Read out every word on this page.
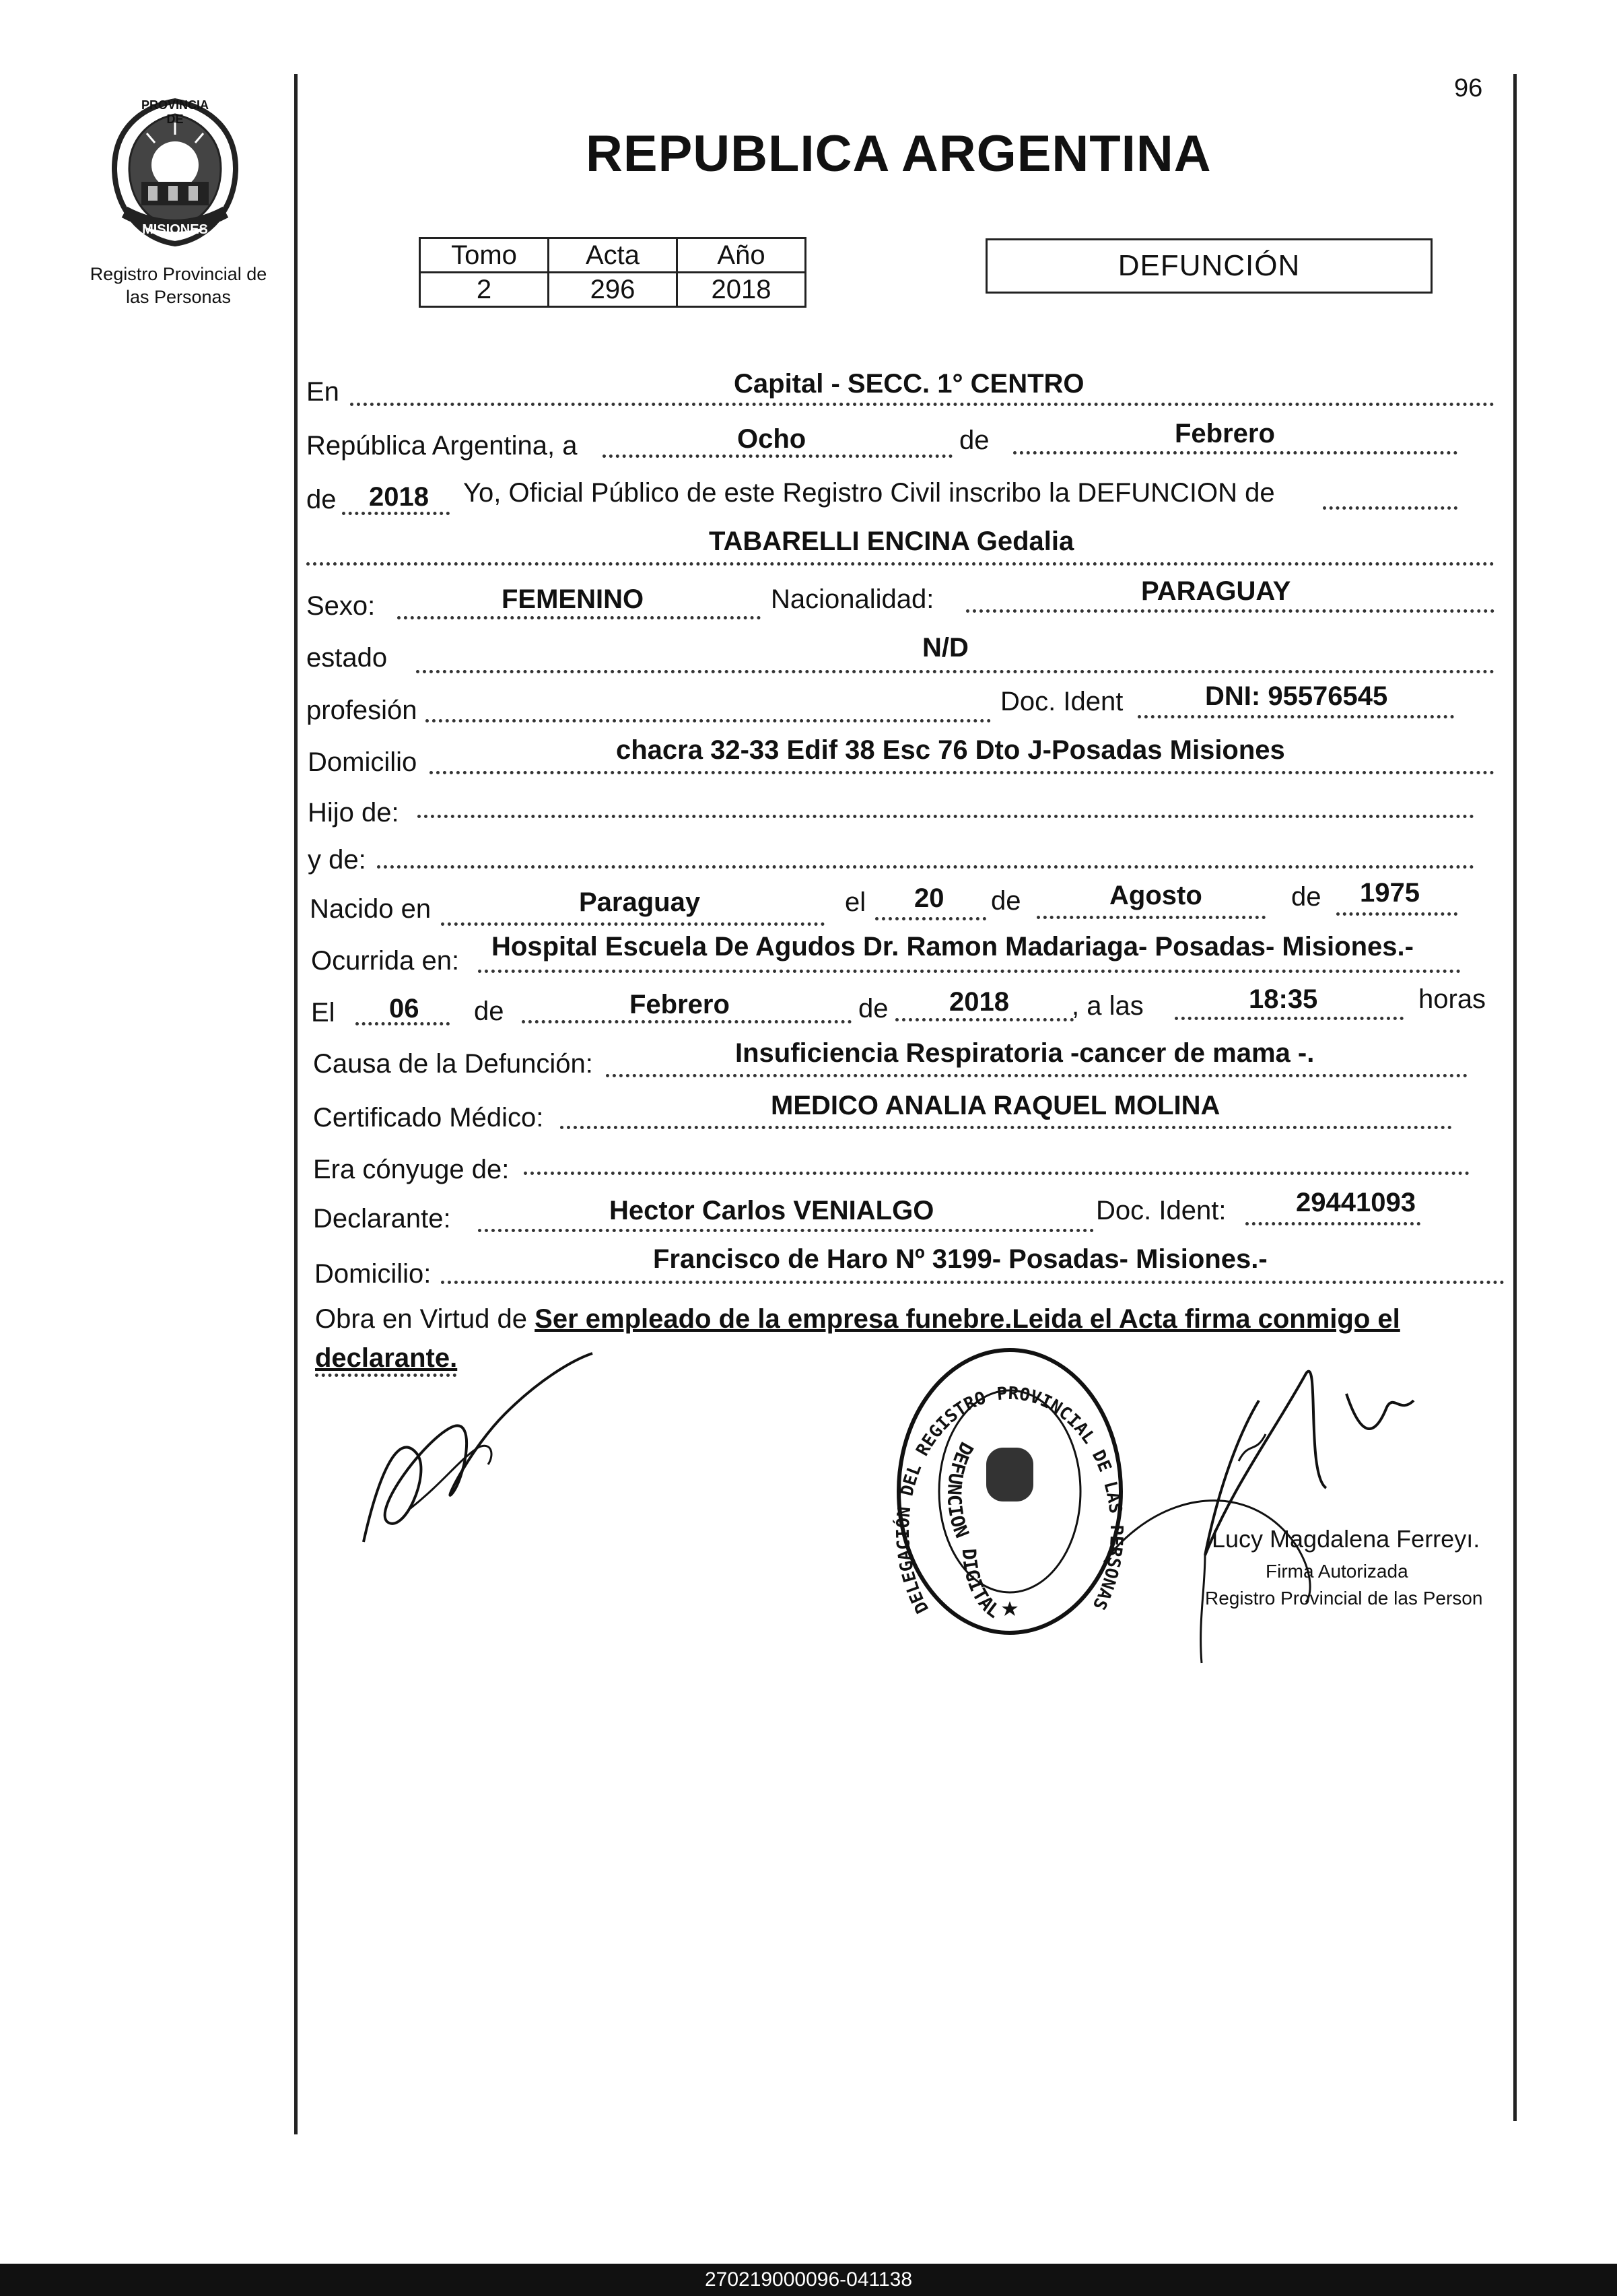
96
PROVINCIA DE
MISIONES
Registro Provincial de
las Personas
REPUBLICA ARGENTINA
Tomo	Acta	Año
2	296	2018
DEFUNCIÓN
En	Capital - SECC. 1° CENTRO
República Argentina, a	Ocho	de	Febrero
de 2018 Yo, Oficial Público de este Registro Civil inscribo la DEFUNCION de
TABARELLI ENCINA Gedalia
Sexo:	FEMENINO	Nacionalidad:	PARAGUAY
estado	N/D
profesión	Doc. Ident	DNI: 95576545
Domicilio	chacra 32-33 Edif 38 Esc 76 Dto J-Posadas Misiones
Hijo de:
y de:
Nacido en	Paraguay	el 20 de	Agosto	de 1975
Ocurrida en: Hospital Escuela De Agudos Dr. Ramon Madariaga- Posadas- Misiones.-
El 06 de	Febrero	de 2018 , a las	18:35	horas
Causa de la Defunción:	Insuficiencia Respiratoria -cancer de mama -.
Certificado Médico:	MEDICO ANALIA RAQUEL MOLINA
Era cónyuge de:
Declarante:	Hector Carlos VENIALGO	Doc. Ident:	29441093
Domicilio:	Francisco de Haro Nº 3199- Posadas- Misiones.-
Obra en Virtud de Ser empleado de la empresa funebre.Leida el Acta firma conmigo el declarante.
DELEGACIÓN DEL REGISTRO PROVINCIAL DE LAS PERSONAS
DEFUNCION DIGITAL
Lucy Magdalena Ferreyı.
Firma Autorizada
Registro Provincial de las Person
270219000096-041138
